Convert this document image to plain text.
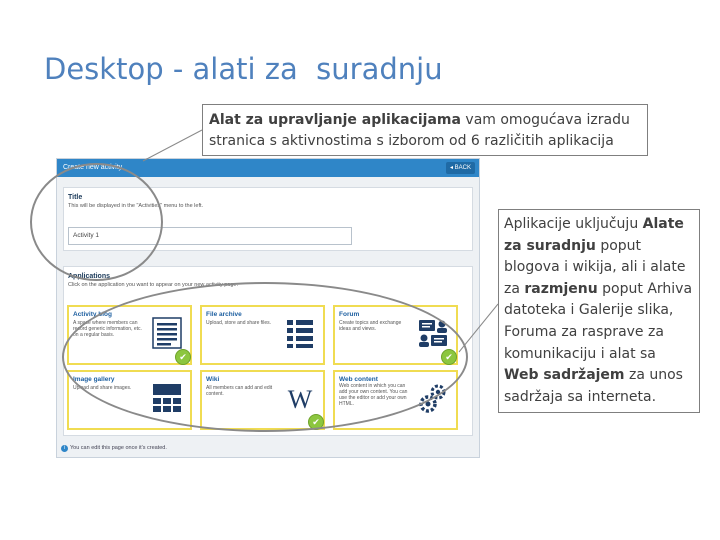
Desktop - alati za  suradnju
Alat za upravljanje aplikacijama vam omogućava izradu stranica s aktivnostima s izborom od 6 različitih aplikacija
Aplikacije uključuju Alate za suradnju poput blogova i wikija, ali i alate za razmjenu poput Arhiva datoteka i Galerije slika, Foruma za rasprave za komunikaciju i alat sa Web sadržajem za unos sadržaja sa interneta.
Create new activity	◂ BACK
Title
This will be displayed in the "Activities" menu to the left.
Activity 1
Applications
Click on the application you want to appear on your new activity page.
Activity blog
A space where members can record generic information, etc. on a regular basis.
✔
File archive
Upload, store and share files.
Forum
Create topics and exchange ideas and views.
✔
Image gallery
Upload and share images.
Wiki
All members can add and edit content.	W
✔
Web content
Web content in which you can add your own content. You can use the editor or add your own HTML.
i You can edit this page once it's created.
